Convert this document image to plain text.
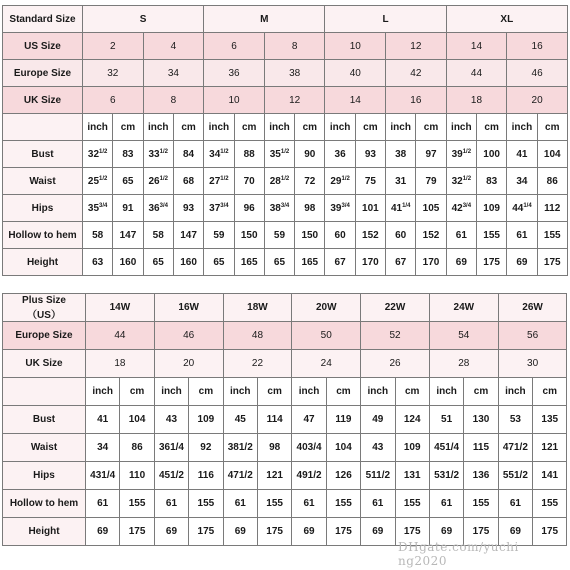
Standard Size	S				M				L				XL			
US Size	2		4		6		8		10		12		14		16	
Europe Size	32		34		36		38		40		42		44		46	
UK Size	6		8		10		12		14		16		18		20	
	inch	cm	inch	cm	inch	cm	inch	cm	inch	cm	inch	cm	inch	cm	inch	cm
Bust	$32^{1/2}$	83	$33^{1/2}$	84	$34^{1/2}$	88	$35^{1/2}$	90	36	93	38	97	$39^{1/2}$	100	41	104
Waist	$25^{1/2}$	65	$26^{1/2}$	68	$27^{1/2}$	70	$28^{1/2}$	72	$29^{1/2}$	75	31	79	$32^{1/2}$	83	34	86
Hips	$35^{3/4}$	91	$36^{3/4}$	93	$37^{3/4}$	96	$38^{3/4}$	98	$39^{3/4}$	101	$41^{1/4}$	105	$42^{3/4}$	109	$44^{1/4}$	112
Hollow to hem	58	147	58	147	59	150	59	150	60	152	60	152	61	155	61	155
Height	63	160	65	160	65	165	65	165	67	170	67	170	69	175	69	175
Plus Size
（US）	14W		16W		18W		20W		22W		24W		26W	
Europe Size	44		46		48		50		52		54		56	
UK Size	18		20		22		24		26		28		30	
	inch	cm	inch	cm	inch	cm	inch	cm	inch	cm	inch	cm	inch	cm
Bust	41	104	43	109	45	114	47	119	49	124	51	130	53	135
Waist	34	86	361/4	92	381/2	98	403/4	104	43	109	451/4	115	471/2	121
Hips	431/4	110	451/2	116	471/2	121	491/2	126	511/2	131	531/2	136	551/2	141
Hollow to hem	61	155	61	155	61	155	61	155	61	155	61	155	61	155
Height	69	175	69	175	69	175	69	175	69	175	69	175	69	175
DHgate.com/yuchi ng2020
